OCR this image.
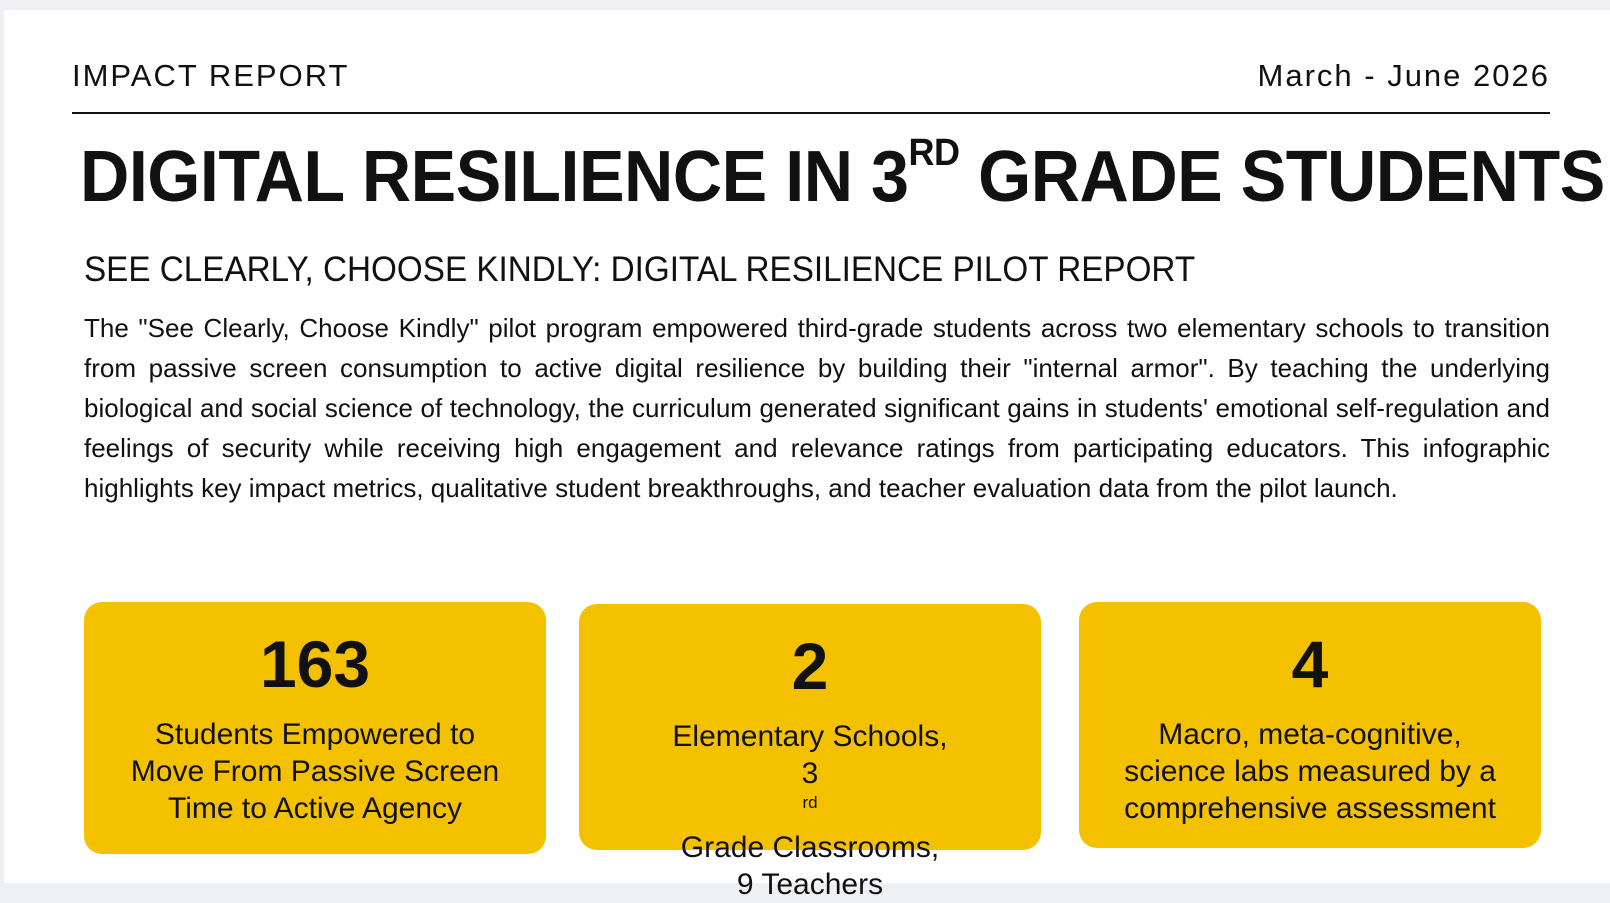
IMPACT REPORT	March - June 2026
DIGITAL RESILIENCE IN 3RD GRADE STUDENTS
SEE CLEARLY, CHOOSE KINDLY: DIGITAL RESILIENCE PILOT REPORT

The "See Clearly, Choose Kindly" pilot program empowered third-grade students across two elementary schools to transition from passive screen consumption to active digital resilience by building their "internal armor". By teaching the underlying biological and social science of technology, the curriculum generated significant gains in students' emotional self-regulation and feelings of security while receiving high engagement and relevance ratings from participating educators. This infographic highlights key impact metrics, qualitative student breakthroughs, and teacher evaluation data from the pilot launch.

163
Students Empowered to
Move From Passive Screen
Time to Active Agency
2
Elementary Schools,
3
$^{rd}$
Grade Classrooms,
9 Teachers
4
Macro, meta-cognitive,
science labs measured by a
comprehensive assessment
